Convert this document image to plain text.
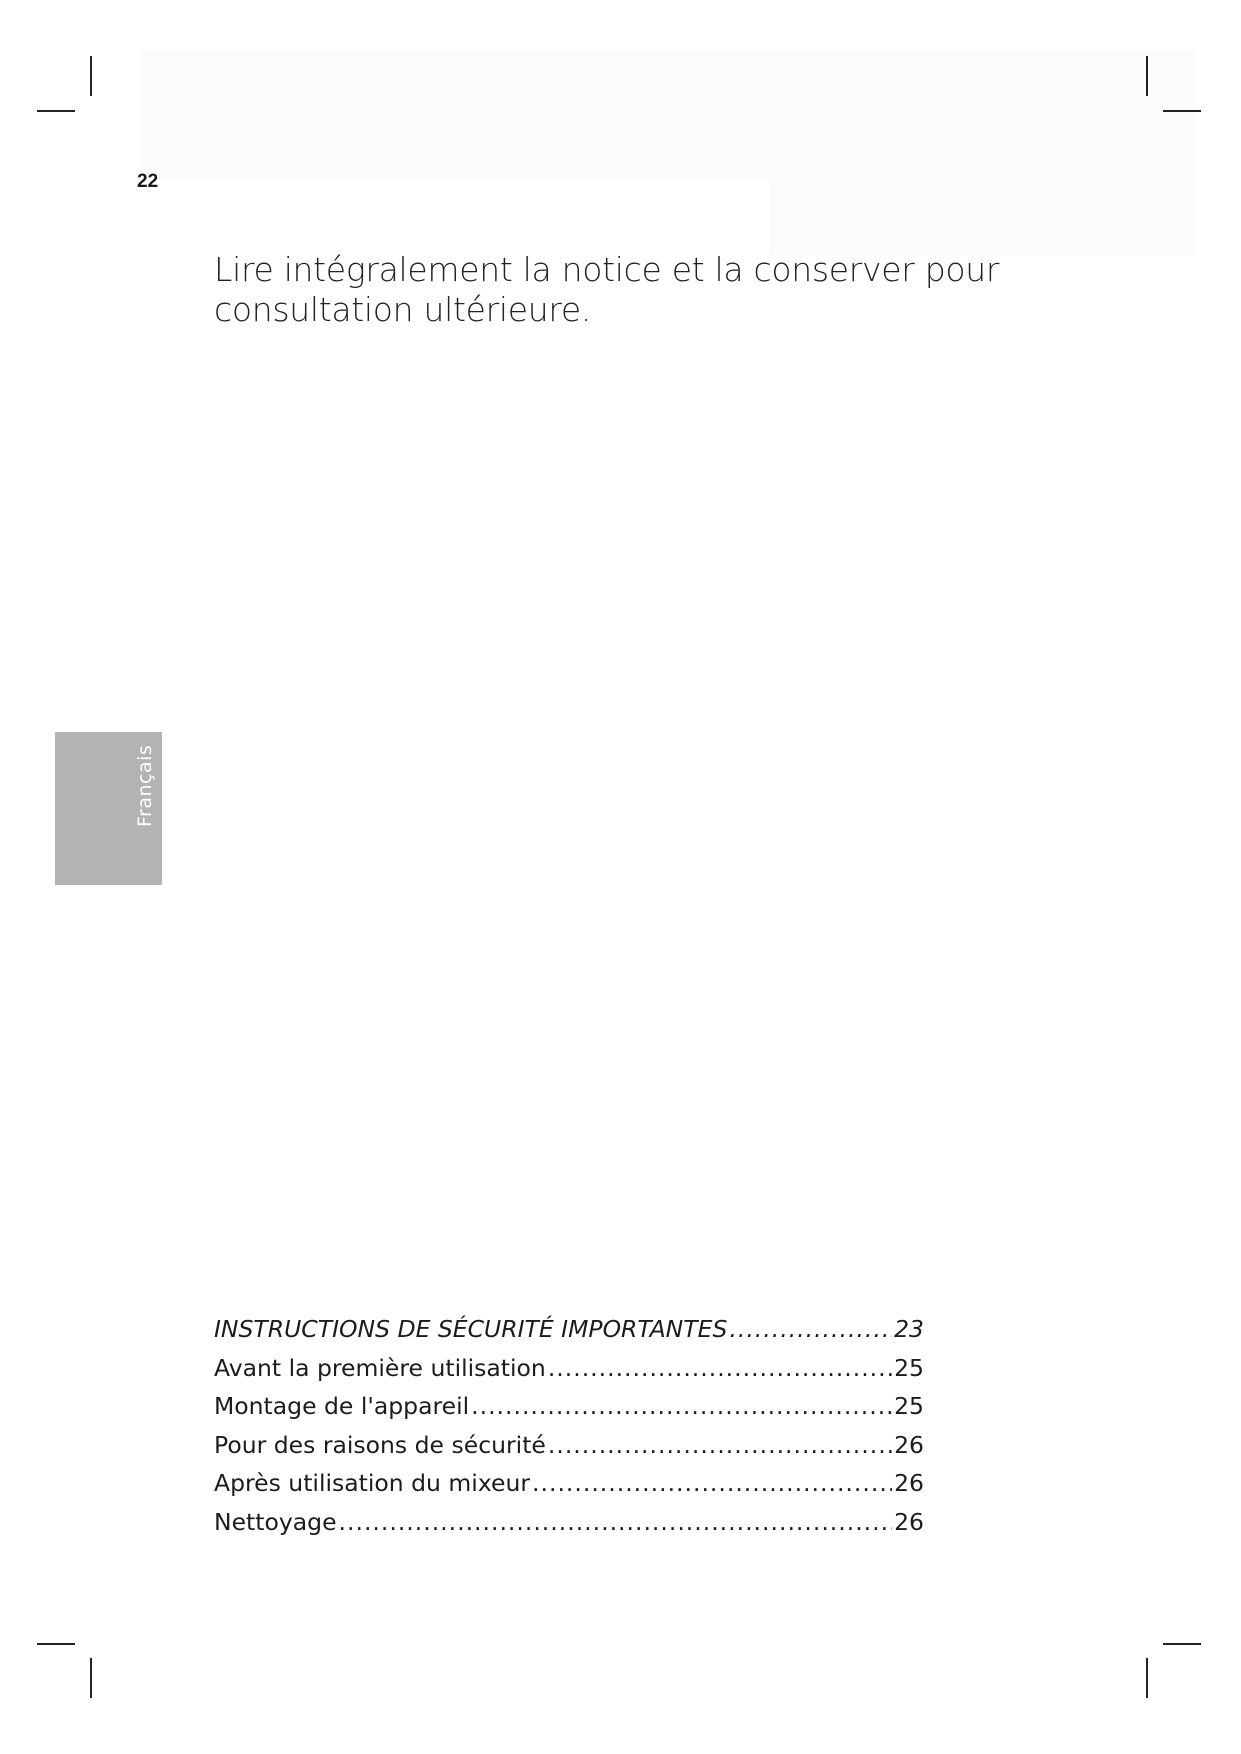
22
Lire intégralement la notice et la conserver pour
consultation ultérieure.
Français
INSTRUCTIONS DE SÉCURITÉ IMPORTANTES .....	23
Avant la première utilisation .....	25
Montage de l'appareil .....	25
Pour des raisons de sécurité .....	26
Après utilisation du mixeur .....	26
Nettoyage .....	26
